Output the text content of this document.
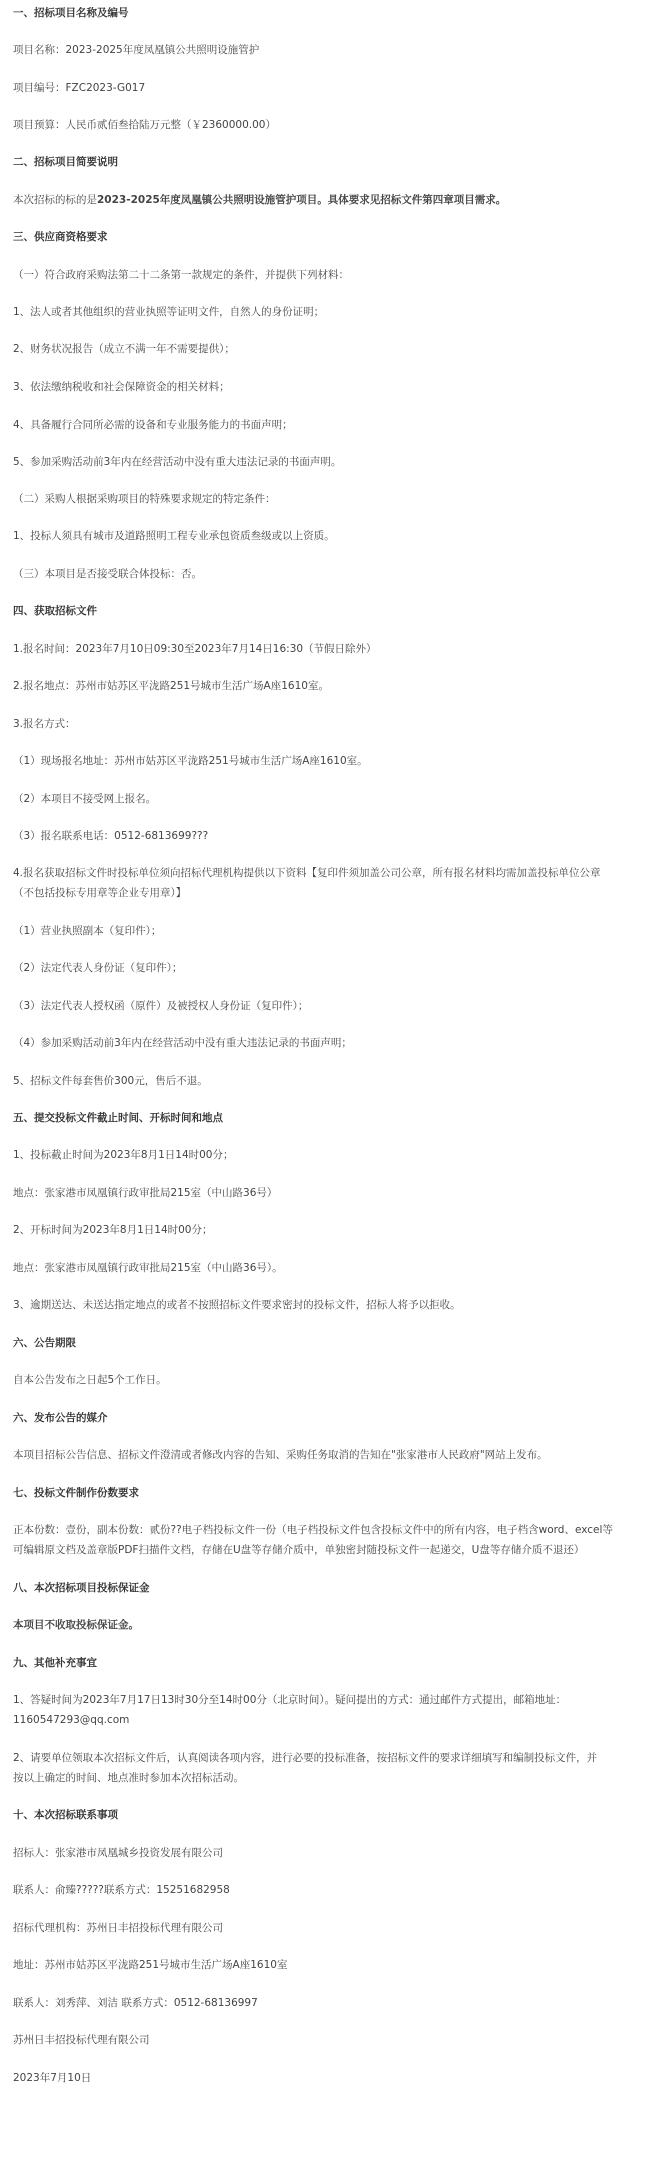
一、招标项目名称及编号
项目名称：2023-2025年度凤凰镇公共照明设施管护
项目编号：FZC2023-G017
项目预算：人民币贰佰叁拾陆万元整（￥2360000.00）
二、招标项目简要说明
本次招标的标的是2023-2025年度凤凰镇公共照明设施管护项目。具体要求见招标文件第四章项目需求。
三、供应商资格要求
（一）符合政府采购法第二十二条第一款规定的条件，并提供下列材料：
1、法人或者其他组织的营业执照等证明文件，自然人的身份证明；
2、财务状况报告（成立不满一年不需要提供）；
3、依法缴纳税收和社会保障资金的相关材料；
4、具备履行合同所必需的设备和专业服务能力的书面声明；
5、参加采购活动前3年内在经营活动中没有重大违法记录的书面声明。
（二）采购人根据采购项目的特殊要求规定的特定条件：
1、投标人须具有城市及道路照明工程专业承包资质叁级或以上资质。
（三）本项目是否接受联合体投标：否。
四、获取招标文件
1.报名时间：2023年7月10日09:30至2023年7月14日16:30（节假日除外）
2.报名地点：苏州市姑苏区平泷路251号城市生活广场A座1610室。
3.报名方式：
（1）现场报名地址：苏州市姑苏区平泷路251号城市生活广场A座1610室。
（2）本项目不接受网上报名。
（3）报名联系电话：0512-6813699???
4.报名获取招标文件时投标单位须向招标代理机构提供以下资料【复印件须加盖公司公章，所有报名材料均需加盖投标单位公章
（不包括投标专用章等企业专用章）】
（1）营业执照副本（复印件）；
（2）法定代表人身份证（复印件）；
（3）法定代表人授权函（原件）及被授权人身份证（复印件）；
（4）参加采购活动前3年内在经营活动中没有重大违法记录的书面声明；
5、招标文件每套售价300元，售后不退。
五、提交投标文件截止时间、开标时间和地点
1、投标截止时间为2023年8月1日14时00分；
地点：张家港市凤凰镇行政审批局215室（中山路36号）
2、开标时间为2023年8月1日14时00分；
地点：张家港市凤凰镇行政审批局215室（中山路36号）。
3、逾期送达、未送达指定地点的或者不按照招标文件要求密封的投标文件，招标人将予以拒收。
六、公告期限
自本公告发布之日起5个工作日。
六、发布公告的媒介
本项目招标公告信息、招标文件澄清或者修改内容的告知、采购任务取消的告知在"张家港市人民政府"网站上发布。
七、投标文件制作份数要求
正本份数：壹份，副本份数：贰份??电子档投标文件一份（电子档投标文件包含投标文件中的所有内容，电子档含word、excel等
可编辑原文档及盖章版PDF扫描件文档，存储在U盘等存储介质中，单独密封随投标文件一起递交，U盘等存储介质不退还）
八、本次招标项目投标保证金
本项目不收取投标保证金。
九、其他补充事宜
1、答疑时间为2023年7月17日13时30分至14时00分（北京时间）。疑问提出的方式：通过邮件方式提出，邮箱地址：
1160547293@qq.com
2、请要单位领取本次招标文件后，认真阅读各项内容，进行必要的投标准备，按招标文件的要求详细填写和编制投标文件，并
按以上确定的时间、地点准时参加本次招标活动。
十、本次招标联系事项
招标人：张家港市凤凰城乡投资发展有限公司
联系人：俞臻?????联系方式：15251682958
招标代理机构：苏州日丰招投标代理有限公司
地址：苏州市姑苏区平泷路251号城市生活广场A座1610室
联系人：刘秀萍、刘洁 联系方式：0512-68136997
苏州日丰招投标代理有限公司
2023年7月10日
